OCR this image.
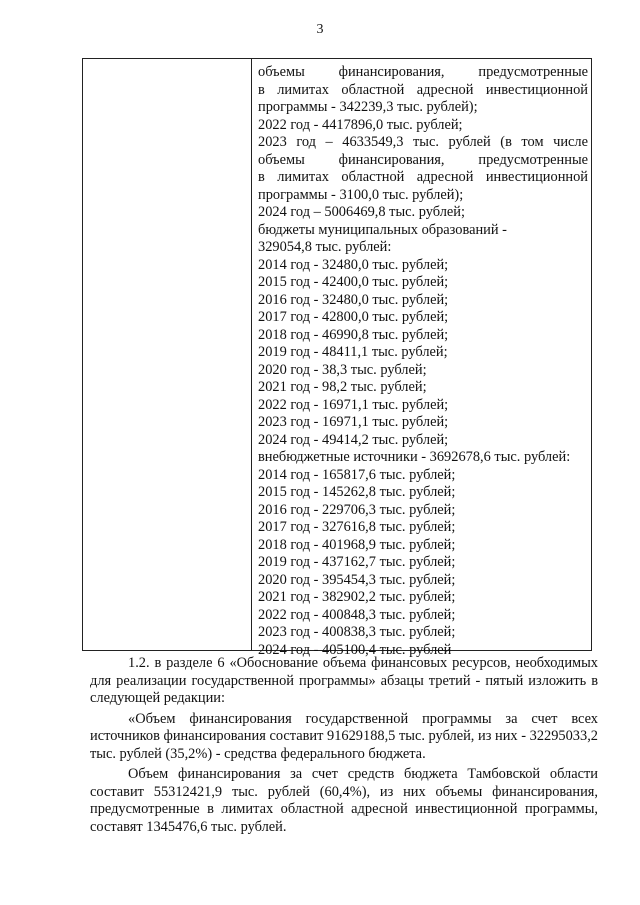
3
объемы финансирования, предусмотренные
в лимитах областной адресной инвестиционной
программы - 342239,3 тыс. рублей);
2022 год - 4417896,0 тыс. рублей;
2023 год – 4633549,3 тыс. рублей (в том числе
объемы финансирования, предусмотренные
в лимитах областной адресной инвестиционной
программы - 3100,0 тыс. рублей);
2024 год – 5006469,8 тыс. рублей;
бюджеты муниципальных образований -
329054,8 тыс. рублей:
2014 год - 32480,0 тыс. рублей;
2015 год - 42400,0 тыс. рублей;
2016 год - 32480,0 тыс. рублей;
2017 год - 42800,0 тыс. рублей;
2018 год - 46990,8 тыс. рублей;
2019 год - 48411,1 тыс. рублей;
2020 год - 38,3 тыс. рублей;
2021 год - 98,2 тыс. рублей;
2022 год - 16971,1 тыс. рублей;
2023 год - 16971,1 тыс. рублей;
2024 год - 49414,2 тыс. рублей;
внебюджетные источники - 3692678,6 тыс. рублей:
2014 год - 165817,6 тыс. рублей;
2015 год - 145262,8 тыс. рублей;
2016 год - 229706,3 тыс. рублей;
2017 год - 327616,8 тыс. рублей;
2018 год - 401968,9 тыс. рублей;
2019 год - 437162,7 тыс. рублей;
2020 год - 395454,3 тыс. рублей;
2021 год - 382902,2 тыс. рублей;
2022 год - 400848,3 тыс. рублей;
2023 год - 400838,3 тыс. рублей;
2024 год - 405100,4 тыс. рублей
1.2. в разделе 6 «Обоснование объема финансовых ресурсов, необходимых для реализации государственной программы» абзацы третий - пятый изложить в следующей редакции:
«Объем финансирования государственной программы за счет всех источников финансирования составит 91629188,5 тыс. рублей, из них - 32295033,2 тыс. рублей (35,2%) - средства федерального бюджета.
Объем финансирования за счет средств бюджета Тамбовской области составит 55312421,9 тыс. рублей (60,4%), из них объемы финансирования, предусмотренные в лимитах областной адресной инвестиционной программы, составят 1345476,6 тыс. рублей.
